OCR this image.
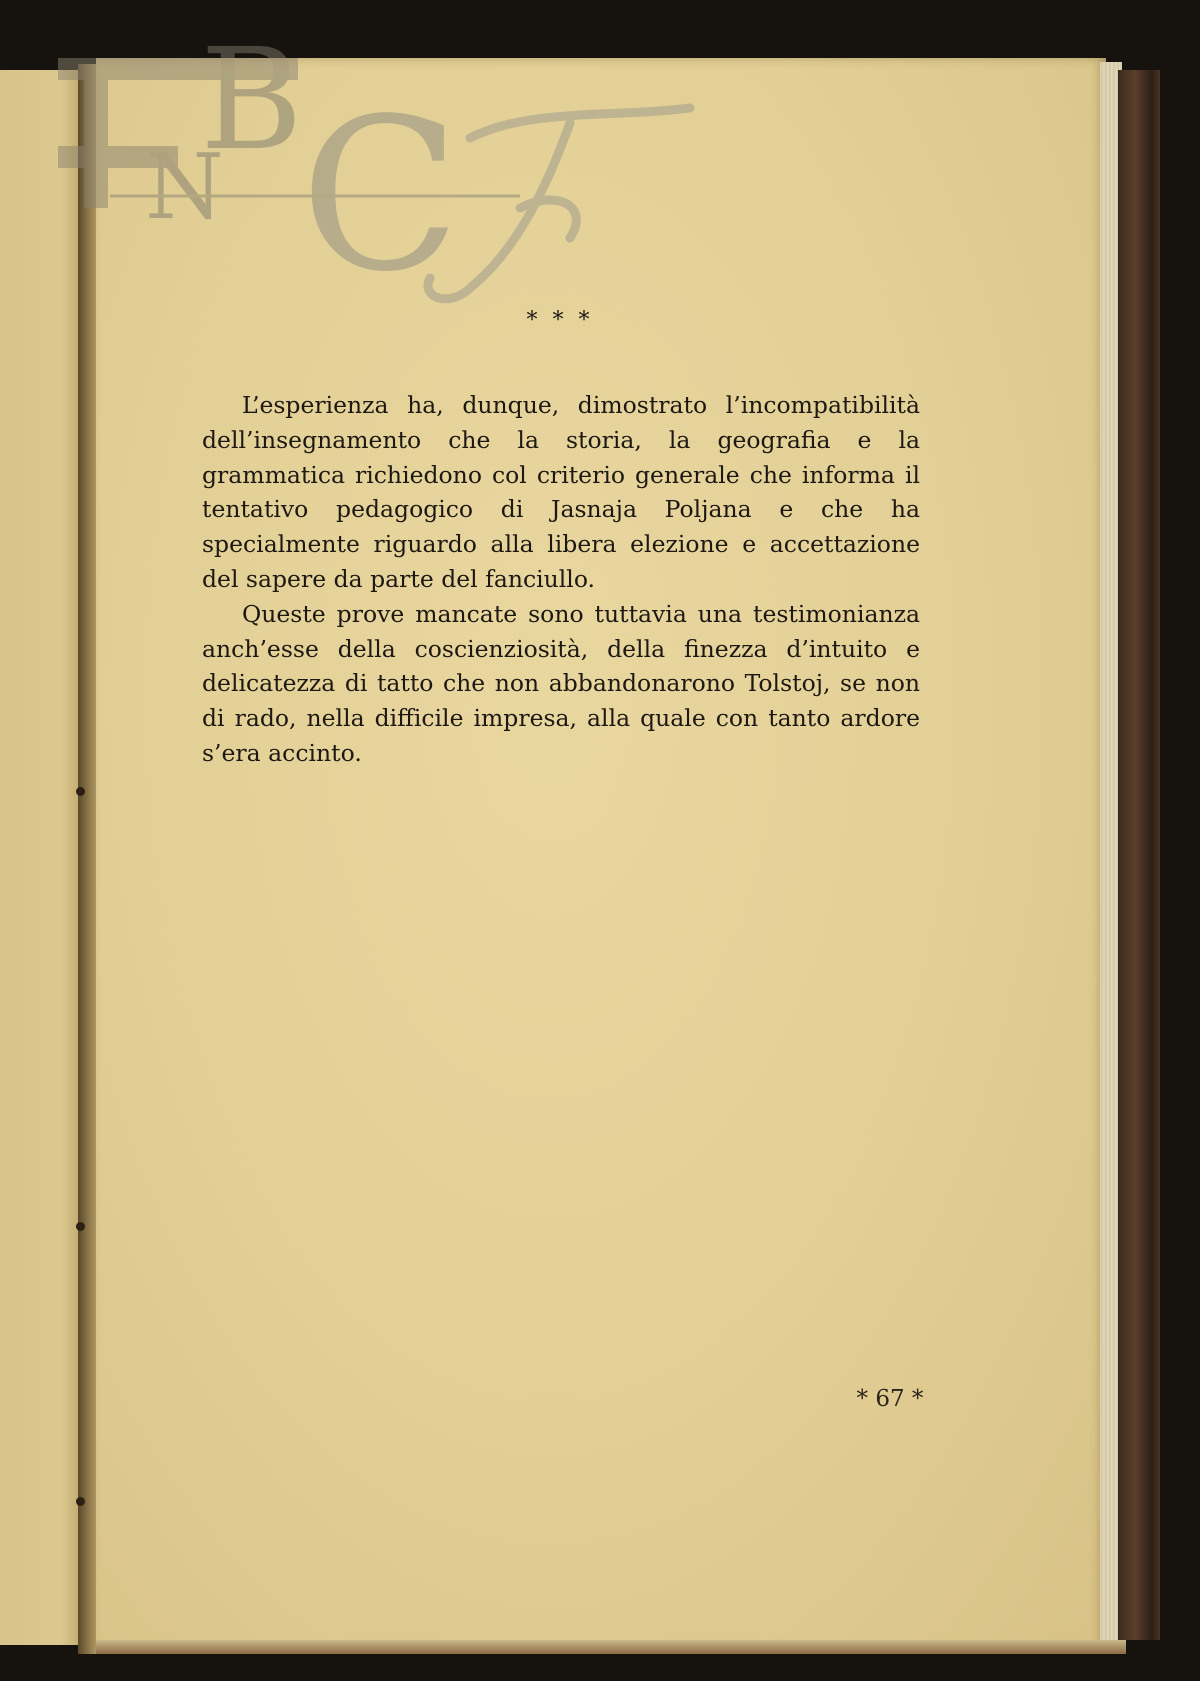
B
N C
* * *

L’esperienza ha, dunque, dimostrato l’incompatibilità dell’insegnamento che la storia, la geografia e la grammatica richiedono col criterio generale che informa il tentativo pedagogico di Jasnaja Poljana e che ha specialmente riguardo alla libera elezione e accettazione del sapere da parte del fanciullo.

Queste prove mancate sono tuttavia una testimonianza anch’esse della coscienziosità, della finezza d’intuito e delicatezza di tatto che non abbandonarono Tolstoj, se non di rado, nella difficile impresa, alla quale con tanto ardore s’era accinto.

* 67 *
